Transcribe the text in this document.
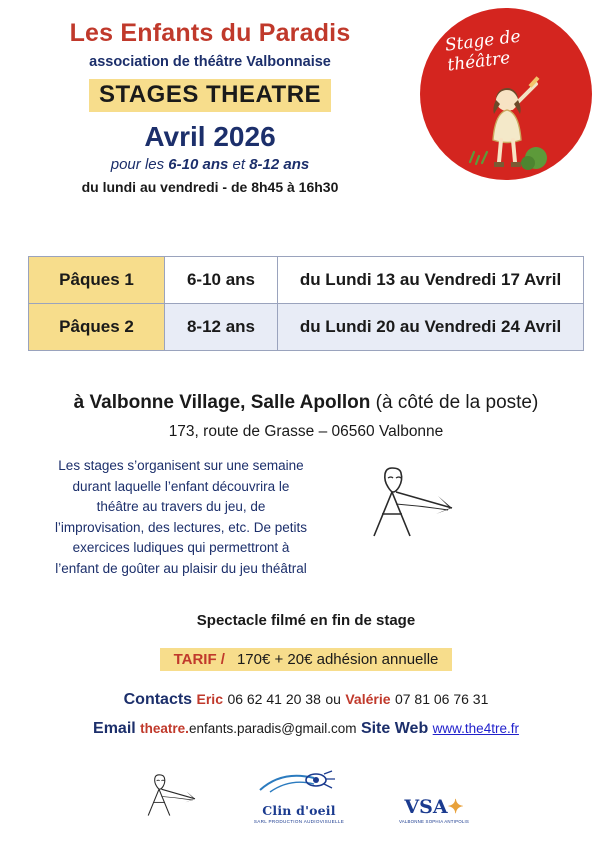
Les Enfants du Paradis
association de théâtre Valbonnaise
STAGES THEATRE
Avril 2026
pour les 6-10 ans et 8-12 ans
du lundi au vendredi - de 8h45 à 16h30
Stage de théâtre
Pâques 1	6-10 ans	du Lundi 13 au Vendredi 17 Avril
Pâques 2	8-12 ans	du Lundi 20 au Vendredi 24 Avril
à Valbonne Village, Salle Apollon (à côté de la poste)
173, route de Grasse – 06560 Valbonne
Les stages s’organisent sur une semaine durant laquelle l’enfant découvrira le théâtre au travers du jeu, de l’improvisation, des lectures, etc. De petits exercices ludiques qui permettront à l’enfant de goûter au plaisir du jeu théâtral
Spectacle filmé en fin de stage
TARIF / 170€ + 20€ adhésion annuelle
Contacts Eric 06 62 41 20 38 ou Valérie 07 81 06 76 31
Email theatre.enfants.paradis@gmail.com Site Web www.the4tre.fr
Clin d'oeil
SARL PRODUCTION AUDIOVISUELLE
VSA✦
VALBONNE SOPHIA ANTIPOLIS
